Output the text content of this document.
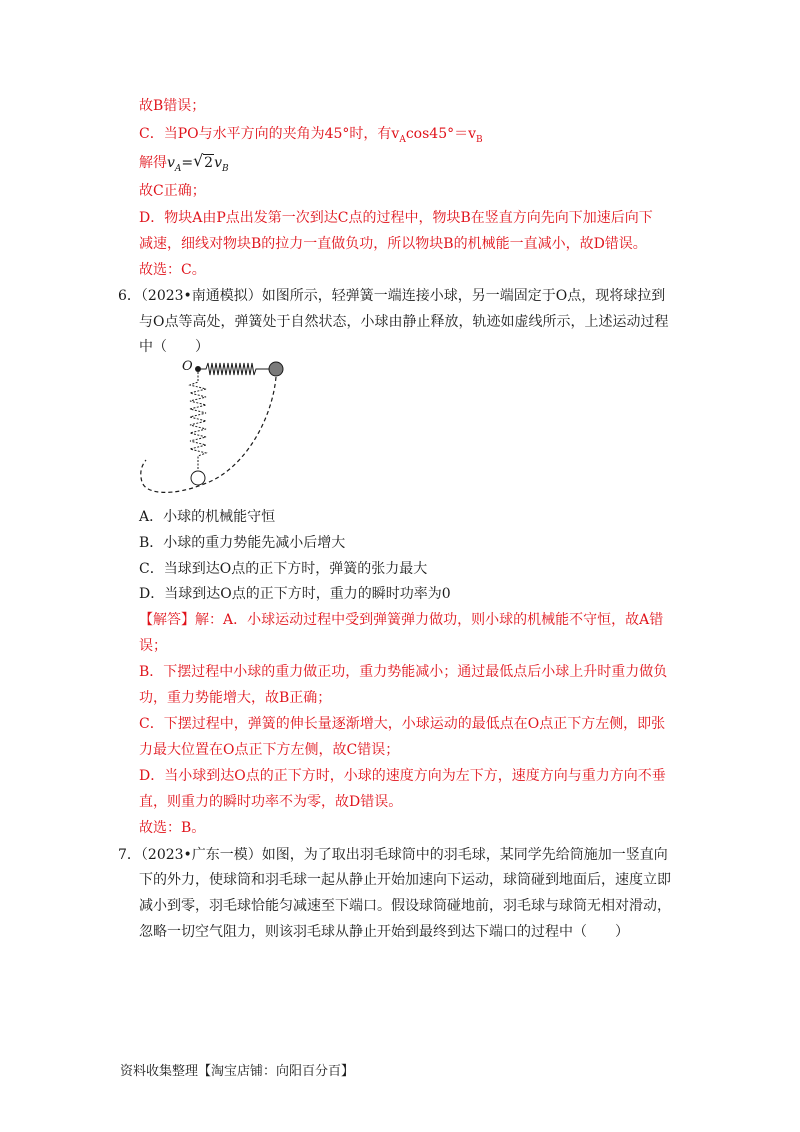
故B错误；
C．当PO与水平方向的夹角为45°时，有$v_A\cos 45^\circ=v_B$
解得$v_A=$ √ $2v_B$
故C正确；
D．物块A由P点出发第一次到达C点的过程中，物块B在竖直方向先向下加速后向下
减速，细线对物块B的拉力一直做负功，所以物块B的机械能一直减小，故D错误。
故选：C。
6．（2023•南通模拟）如图所示，轻弹簧一端连接小球，另一端固定于O点，现将球拉到
与O点等高处，弹簧处于自然状态，小球由静止释放，轨迹如虚线所示，上述运动过程
中（　　）
O
A．小球的机械能守恒
B．小球的重力势能先减小后增大
C．当球到达O点的正下方时，弹簧的张力最大
D．当球到达O点的正下方时，重力的瞬时功率为0
【解答】解：A．小球运动过程中受到弹簧弹力做功，则小球的机械能不守恒，故A错
误；
B．下摆过程中小球的重力做正功，重力势能减小；通过最低点后小球上升时重力做负
功，重力势能增大，故B正确；
C．下摆过程中，弹簧的伸长量逐渐增大，小球运动的最低点在O点正下方左侧，即张
力最大位置在O点正下方左侧，故C错误；
D．当小球到达O点的正下方时，小球的速度方向为左下方，速度方向与重力方向不垂
直，则重力的瞬时功率不为零，故D错误。
故选：B。
7．（2023•广东一模）如图，为了取出羽毛球筒中的羽毛球，某同学先给筒施加一竖直向
下的外力，使球筒和羽毛球一起从静止开始加速向下运动，球筒碰到地面后，速度立即
减小到零，羽毛球恰能匀减速至下端口。假设球筒碰地前，羽毛球与球筒无相对滑动，
忽略一切空气阻力，则该羽毛球从静止开始到最终到达下端口的过程中（　　）
资料收集整理【淘宝店铺：向阳百分百】
